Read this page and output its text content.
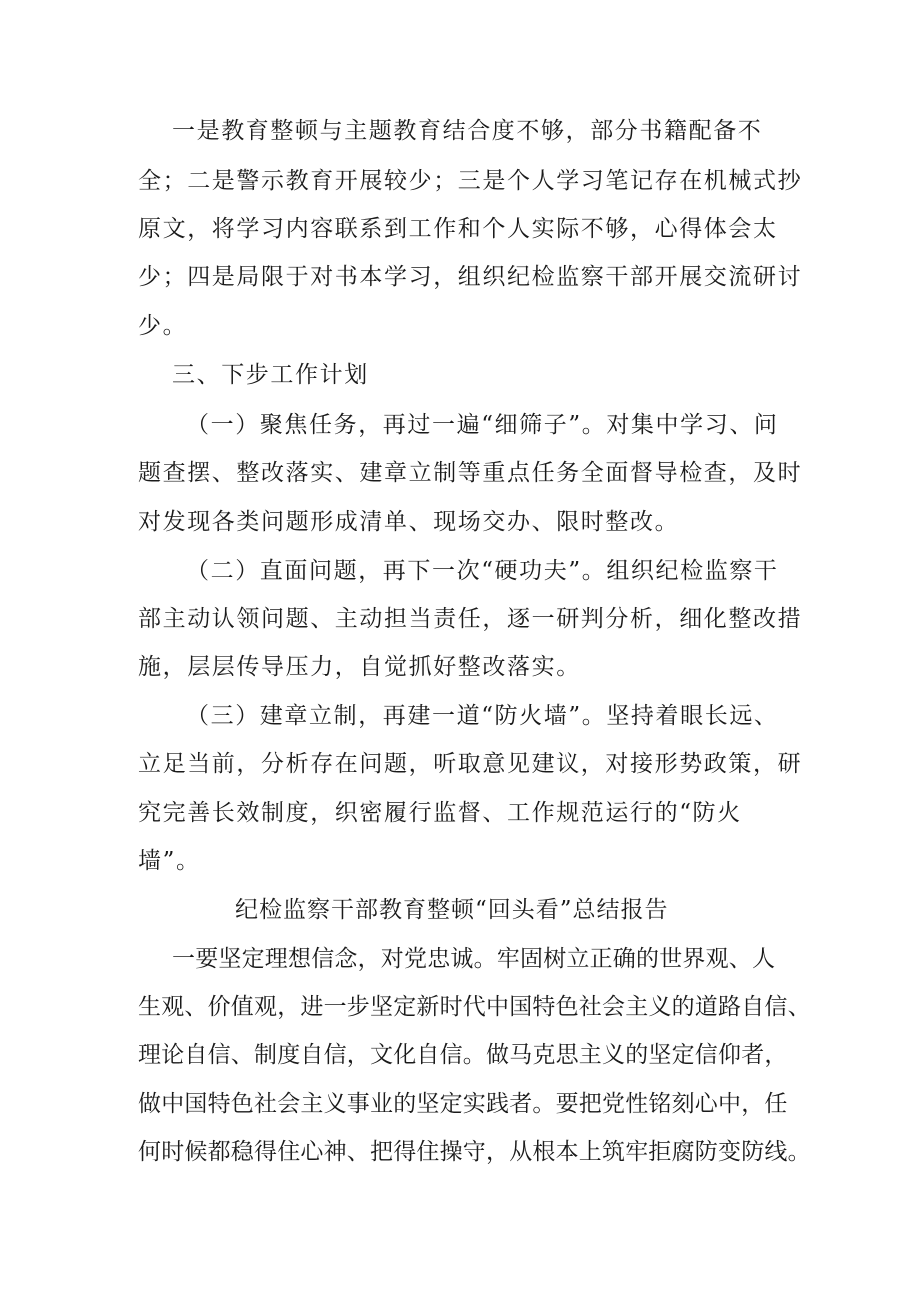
一是教育整顿与主题教育结合度不够，部分书籍配备不
全；二是警示教育开展较少；三是个人学习笔记存在机械式抄
原文，将学习内容联系到工作和个人实际不够，心得体会太
少；四是局限于对书本学习，组织纪检监察干部开展交流研讨
少。
三、下步工作计划
（一）聚焦任务，再过一遍“细筛子”。对集中学习、问
题查摆、整改落实、建章立制等重点任务全面督导检查，及时
对发现各类问题形成清单、现场交办、限时整改。
（二）直面问题，再下一次“硬功夫”。组织纪检监察干
部主动认领问题、主动担当责任，逐一研判分析，细化整改措
施，层层传导压力，自觉抓好整改落实。
（三）建章立制，再建一道“防火墙”。坚持着眼长远、
立足当前，分析存在问题，听取意见建议，对接形势政策，研
究完善长效制度，织密履行监督、工作规范运行的“防火
墙”。
纪检监察干部教育整顿“回头看”总结报告
一要坚定理想信念，对党忠诚。牢固树立正确的世界观、人
生观、价值观，进一步坚定新时代中国特色社会主义的道路自信、
理论自信、制度自信，文化自信。做马克思主义的坚定信仰者，
做中国特色社会主义事业的坚定实践者。要把党性铭刻心中，任
何时候都稳得住心神、把得住操守，从根本上筑牢拒腐防变防线。
